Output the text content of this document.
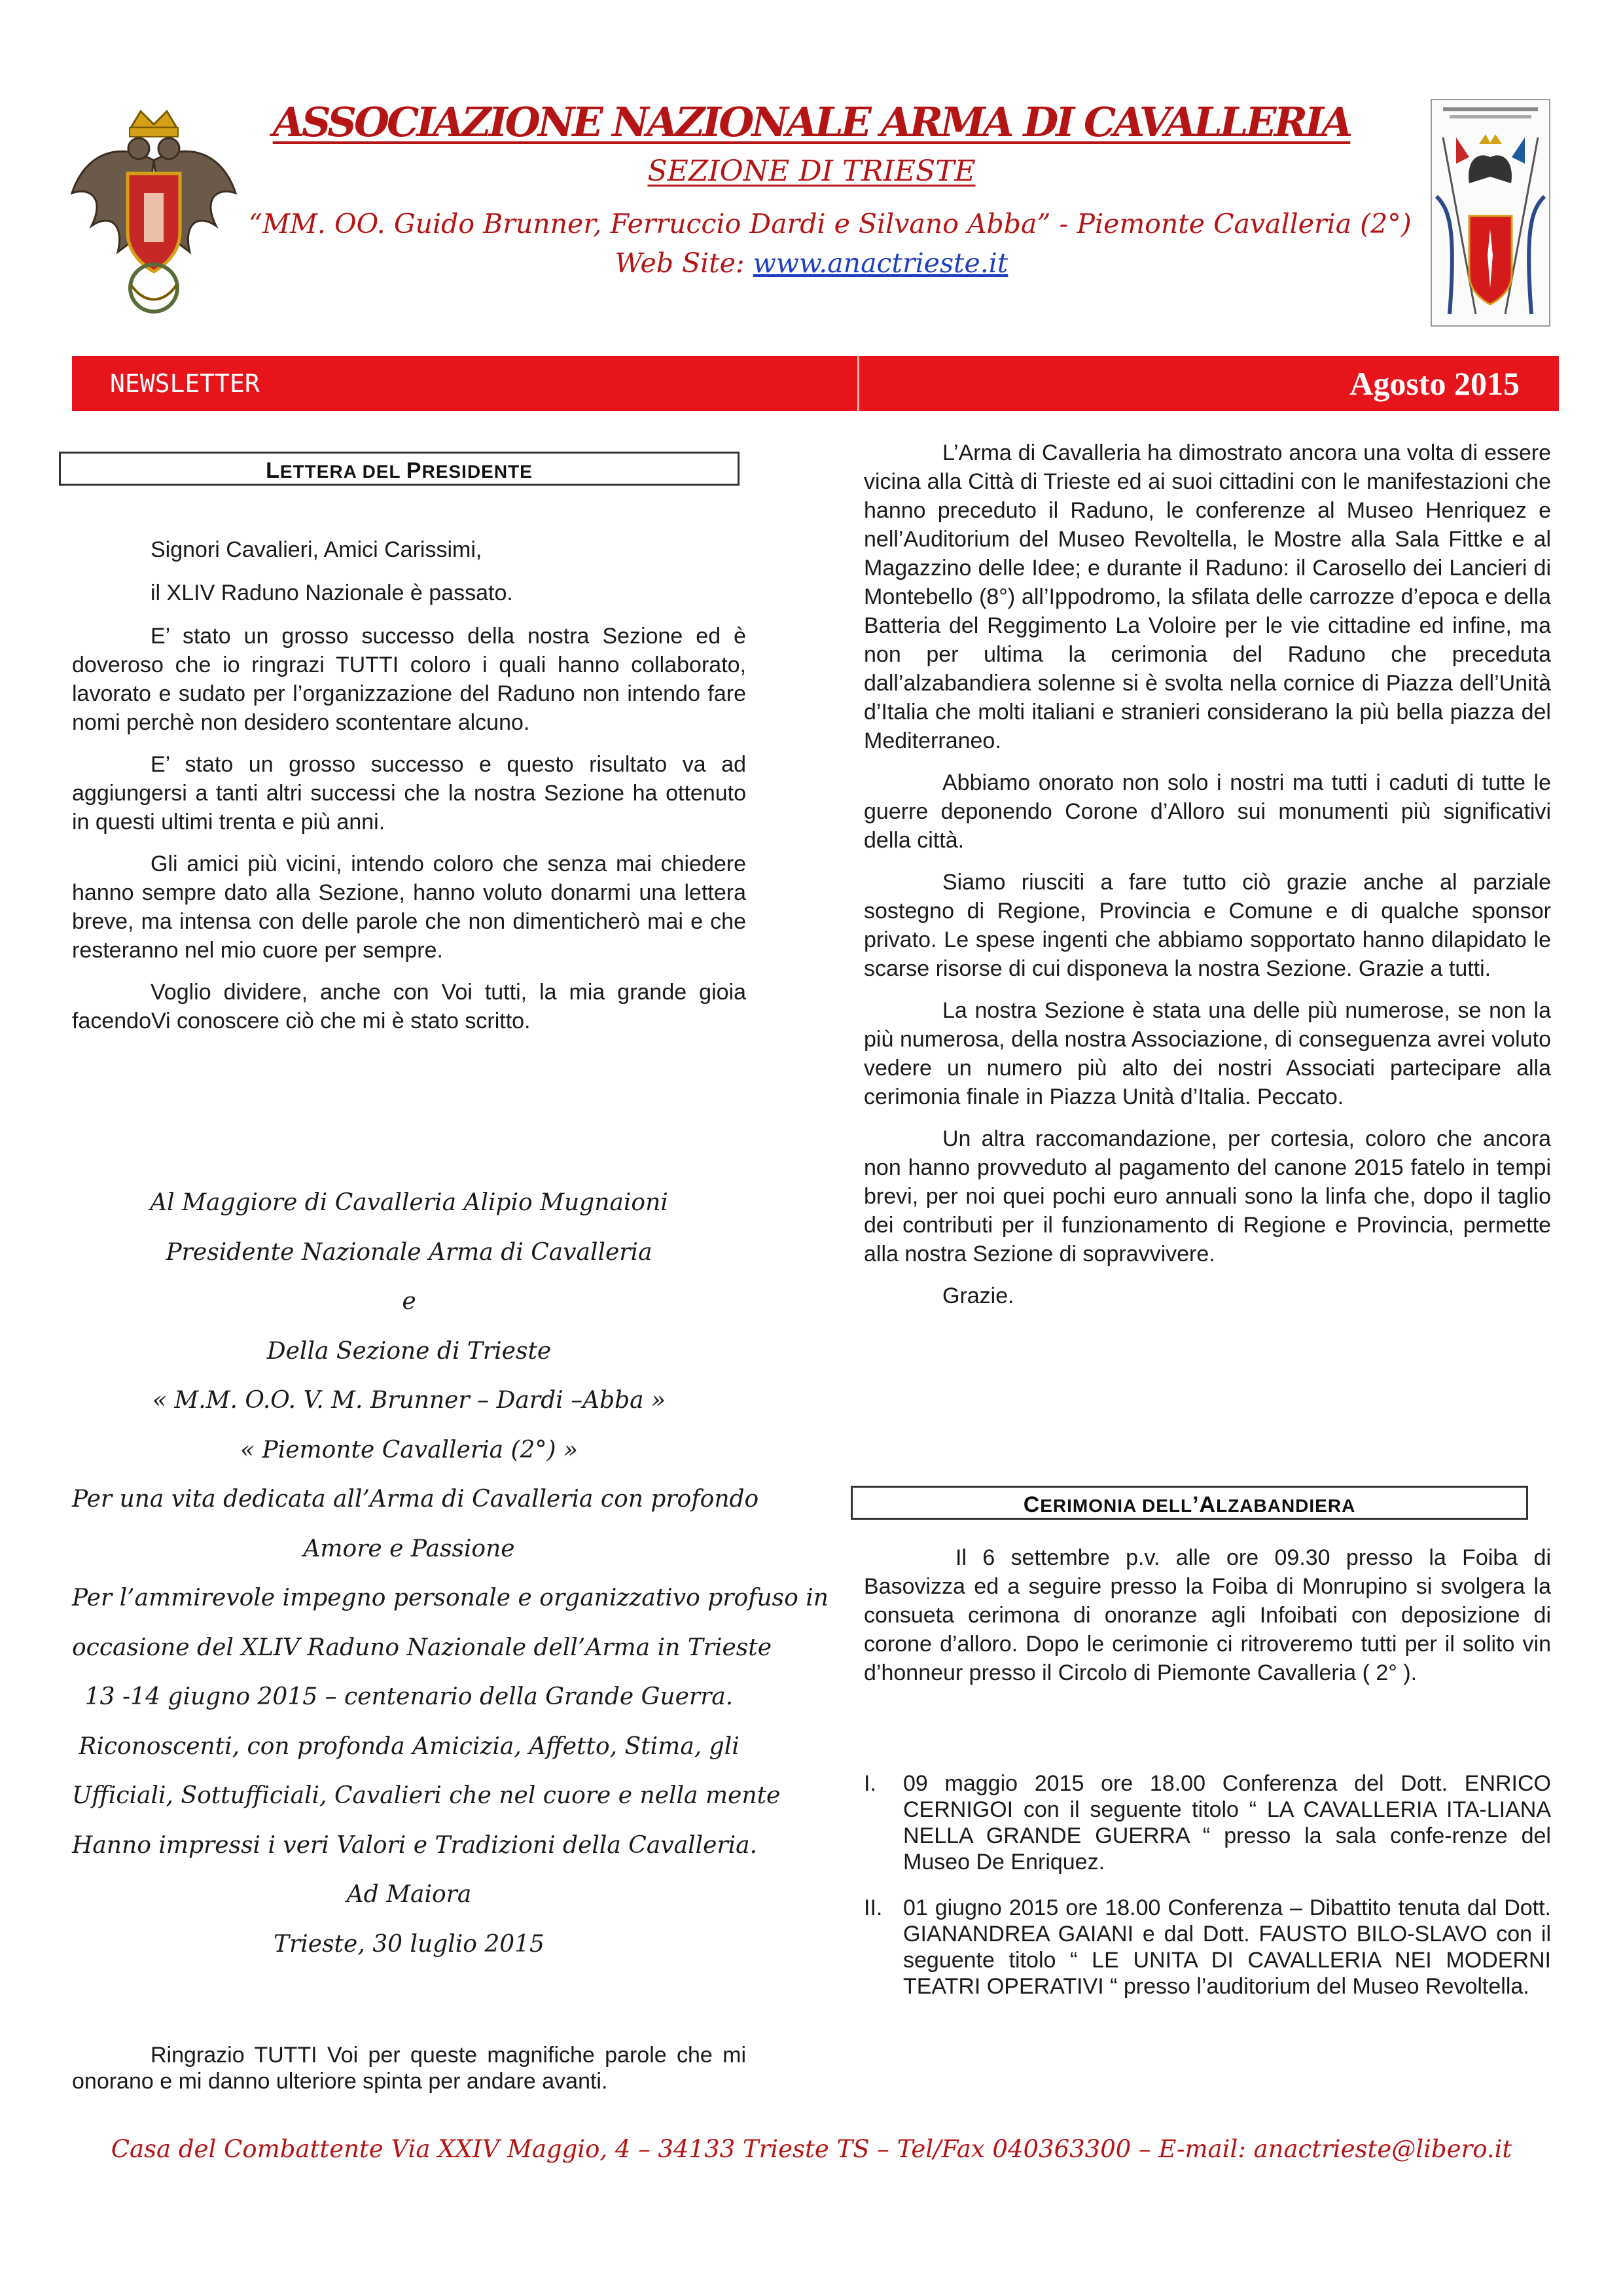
ASSOCIAZIONE NAZIONALE ARMA DI CAVALLERIA
SEZIONE DI TRIESTE
“MM. OO. Guido Brunner, Ferruccio Dardi e Silvano Abba” - Piemonte Cavalleria (2°)
Web Site: www.anactrieste.it
NEWSLETTER	Agosto 2015
LETTERA DEL PRESIDENTE

Signori Cavalieri, Amici Carissimi,

il XLIV Raduno Nazionale è passato.

E’ stato un grosso successo della nostra Sezione ed è doveroso che io ringrazi TUTTI coloro i quali hanno collaborato, lavorato e sudato per l’organizzazione del Raduno non intendo fare nomi perchè non desidero scontentare alcuno.

E’ stato un grosso successo e questo risultato va ad aggiungersi a tanti altri successi che la nostra Sezione ha ottenuto in questi ultimi trenta e più anni.

Gli amici più vicini, intendo coloro che senza mai chiedere hanno sempre dato alla Sezione, hanno voluto donarmi una lettera breve, ma intensa con delle parole che non dimenticherò mai e che resteranno nel mio cuore per sempre.

Voglio dividere, anche con Voi tutti, la mia grande gioia facendoVi conoscere ciò che mi è stato scritto.

Al Maggiore di Cavalleria Alipio Mugnaioni
Presidente Nazionale Arma di Cavalleria
e
Della Sezione di Trieste
« M.M. O.O. V. M. Brunner – Dardi –Abba »
« Piemonte Cavalleria (2°) »
Per una vita dedicata all’Arma di Cavalleria con profondo
Amore e Passione
Per l’ammirevole impegno personale e organizzativo profuso in
occasione del XLIV Raduno Nazionale dell’Arma in Trieste
13 -14 giugno 2015 – centenario della Grande Guerra.
Riconoscenti, con profonda Amicizia, Affetto, Stima, gli
Ufficiali, Sottufficiali, Cavalieri che nel cuore e nella mente
Hanno impressi i veri Valori e Tradizioni della Cavalleria.
Ad Maiora
Trieste, 30 luglio 2015

Ringrazio TUTTI Voi per queste magnifiche parole che mi onorano e mi danno ulteriore spinta per andare avanti.

L’Arma di Cavalleria ha dimostrato ancora una volta di essere vicina alla Città di Trieste ed ai suoi cittadini con le manifestazioni che hanno preceduto il Raduno, le conferenze al Museo Henriquez e nell’Auditorium del Museo Revoltella, le Mostre alla Sala Fittke e al Magazzino delle Idee; e durante il Raduno: il Carosello dei Lancieri di Montebello (8°) all’Ippodromo, la sfilata delle carrozze d’epoca e della Batteria del Reggimento La Voloire per le vie cittadine ed infine, ma non per ultima la cerimonia del Raduno che preceduta dall’alzabandiera solenne si è svolta nella cornice di Piazza dell’Unità d’Italia che molti italiani e stranieri considerano la più bella piazza del Mediterraneo.

Abbiamo onorato non solo i nostri ma tutti i caduti di tutte le guerre deponendo Corone d’Alloro sui monumenti più significativi della città.

Siamo riusciti a fare tutto ciò grazie anche al parziale sostegno di Regione, Provincia e Comune e di qualche sponsor privato. Le spese ingenti che abbiamo sopportato hanno dilapidato le scarse risorse di cui disponeva la nostra Sezione. Grazie a tutti.

La nostra Sezione è stata una delle più numerose, se non la più numerosa, della nostra Associazione, di conseguenza avrei voluto vedere un numero più alto dei nostri Associati partecipare alla cerimonia finale in Piazza Unità d’Italia. Peccato.

Un altra raccomandazione, per cortesia, coloro che ancora non hanno provveduto al pagamento del canone 2015 fatelo in tempi brevi, per noi quei pochi euro annuali sono la linfa che, dopo il taglio dei contributi per il funzionamento di Regione e Provincia, permette alla nostra Sezione di sopravvivere.

Grazie.

CERIMONIA DELL’ALZABANDIERA

Il 6 settembre p.v. alle ore 09.30 presso la Foiba di Basovizza ed a seguire presso la Foiba di Monrupino si svolgera la consueta cerimona di onoranze agli Infoibati con deposizione di corone d’alloro. Dopo le cerimonie ci ritroveremo tutti per il solito vin d’honneur presso il Circolo di Piemonte Cavalleria ( 2° ).

I.	09 maggio 2015 ore 18.00 Conferenza del Dott. ENRICO CERNIGOI con il seguente titolo “ LA CAVALLERIA ITA-LIANA NELLA GRANDE GUERRA “ presso la sala confe-renze del Museo De Enriquez.
II. 01 giugno 2015 ore 18.00 Conferenza – Dibattito tenuta dal Dott. GIANANDREA GAIANI e dal Dott. FAUSTO BILO-SLAVO con il seguente titolo “ LE UNITA DI CAVALLERIA NEI MODERNI TEATRI OPERATIVI “ presso l’auditorium del Museo Revoltella.
Casa del Combattente Via XXIV Maggio, 4 – 34133 Trieste TS – Tel/Fax 040363300 – E-mail: anactrieste@libero.it
